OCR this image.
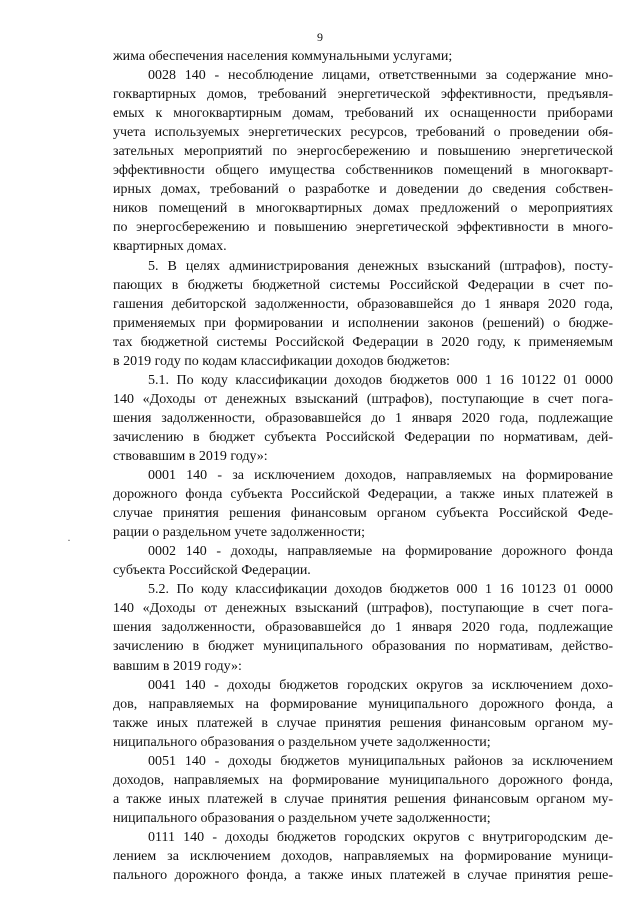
9
·
жима обеспечения населения коммунальными услугами;
0028 140 - несоблюдение лицами, ответственными за содержание мно-
гоквартирных домов, требований энергетической эффективности, предъявля-
емых к многоквартирным домам, требований их оснащенности приборами
учета используемых энергетических ресурсов, требований о проведении обя-
зательных мероприятий по энергосбережению и повышению энергетической
эффективности общего имущества собственников помещений в многокварт-
ирных домах, требований о разработке и доведении до сведения собствен-
ников помещений в многоквартирных домах предложений о мероприятиях
по энергосбережению и повышению энергетической эффективности в много-
квартирных домах.
5. В целях администрирования денежных взысканий (штрафов), посту-
пающих в бюджеты бюджетной системы Российской Федерации в счет по-
гашения дебиторской задолженности, образовавшейся до 1 января 2020 года,
применяемых при формировании и исполнении законов (решений) о бюдже-
тах бюджетной системы Российской Федерации в 2020 году, к применяемым
в 2019 году по кодам классификации доходов бюджетов:
5.1. По коду классификации доходов бюджетов 000 1 16 10122 01 0000
140 «Доходы от денежных взысканий (штрафов), поступающие в счет пога-
шения задолженности, образовавшейся до 1 января 2020 года, подлежащие
зачислению в бюджет субъекта Российской Федерации по нормативам, дей-
ствовавшим в 2019 году»:
0001 140 - за исключением доходов, направляемых на формирование
дорожного фонда субъекта Российской Федерации, а также иных платежей в
случае принятия решения финансовым органом субъекта Российской Феде-
рации о раздельном учете задолженности;
0002 140 - доходы, направляемые на формирование дорожного фонда
субъекта Российской Федерации.
5.2. По коду классификации доходов бюджетов 000 1 16 10123 01 0000
140 «Доходы от денежных взысканий (штрафов), поступающие в счет пога-
шения задолженности, образовавшейся до 1 января 2020 года, подлежащие
зачислению в бюджет муниципального образования по нормативам, действо-
вавшим в 2019 году»:
0041 140 - доходы бюджетов городских округов за исключением дохо-
дов, направляемых на формирование муниципального дорожного фонда, а
также иных платежей в случае принятия решения финансовым органом му-
ниципального образования о раздельном учете задолженности;
0051 140 - доходы бюджетов муниципальных районов за исключением
доходов, направляемых на формирование муниципального дорожного фонда,
а также иных платежей в случае принятия решения финансовым органом му-
ниципального образования о раздельном учете задолженности;
0111 140 - доходы бюджетов городских округов с внутригородским де-
лением за исключением доходов, направляемых на формирование муници-
пального дорожного фонда, а также иных платежей в случае принятия реше-
